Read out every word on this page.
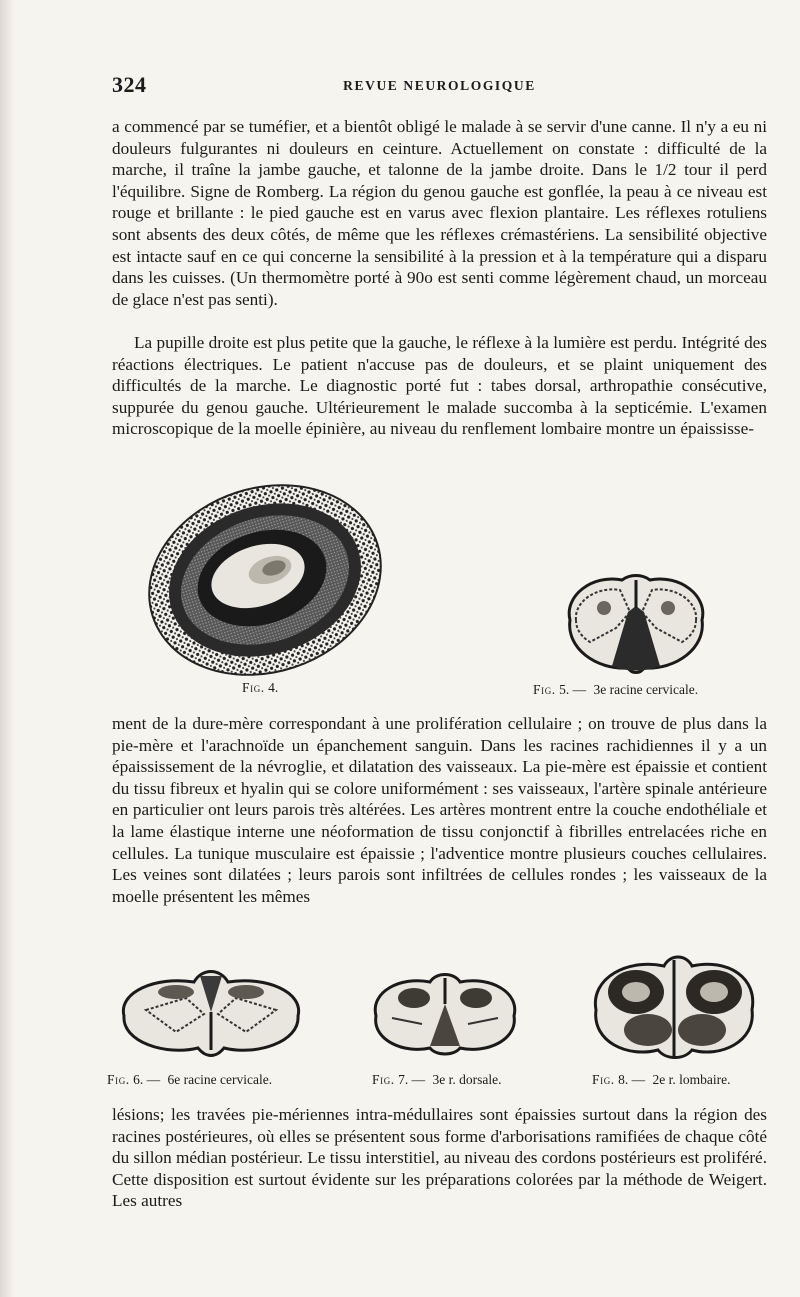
324	REVUE NEUROLOGIQUE

a commencé par se tuméfier, et a bientôt obligé le malade à se servir d'une canne. Il n'y a eu ni douleurs fulgurantes ni douleurs en ceinture. Actuellement on constate : difficulté de la marche, il traîne la jambe gauche, et talonne de la jambe droite. Dans le 1/2 tour il perd l'équilibre. Signe de Romberg. La région du genou gauche est gonflée, la peau à ce niveau est rouge et brillante : le pied gauche est en varus avec flexion plantaire. Les réflexes rotuliens sont absents des deux côtés, de même que les réflexes crémastériens. La sensibilité objective est intacte sauf en ce qui concerne la sensibilité à la pression et à la température qui a disparu dans les cuisses. (Un thermomètre porté à 90o est senti comme légèrement chaud, un morceau de glace n'est pas senti).

La pupille droite est plus petite que la gauche, le réflexe à la lumière est perdu. Intégrité des réactions électriques. Le patient n'accuse pas de douleurs, et se plaint uniquement des difficultés de la marche. Le diagnostic porté fut : tabes dorsal, arthropathie consécutive, suppurée du genou gauche. Ultérieurement le malade succomba à la septicémie. L'examen microscopique de la moelle épinière, au niveau du renflement lombaire montre un épaississe-

Fig. 4.	Fig. 5. — 3e racine cervicale.

ment de la dure-mère correspondant à une prolifération cellulaire ; on trouve de plus dans la pie-mère et l'arachnoïde un épanchement sanguin. Dans les racines rachidiennes il y a un épaississement de la névroglie, et dilatation des vaisseaux. La pie-mère est épaissie et contient du tissu fibreux et hyalin qui se colore uniformément : ses vaisseaux, l'artère spinale antérieure en particulier ont leurs parois très altérées. Les artères montrent entre la couche endothéliale et la lame élastique interne une néoformation de tissu conjonctif à fibrilles entrelacées riche en cellules. La tunique musculaire est épaissie ; l'adventice montre plusieurs couches cellulaires. Les veines sont dilatées ; leurs parois sont infiltrées de cellules rondes ; les vaisseaux de la moelle présentent les mêmes

Fig. 6. — 6e racine cervicale.	Fig. 7. — 3e r. dorsale.	Fig. 8. — 2e r. lombaire.

lésions; les travées pie-mériennes intra-médullaires sont épaissies surtout dans la région des racines postérieures, où elles se présentent sous forme d'arborisations ramifiées de chaque côté du sillon médian postérieur. Le tissu interstitiel, au niveau des cordons postérieurs est proliféré. Cette disposition est surtout évidente sur les préparations colorées par la méthode de Weigert. Les autres
